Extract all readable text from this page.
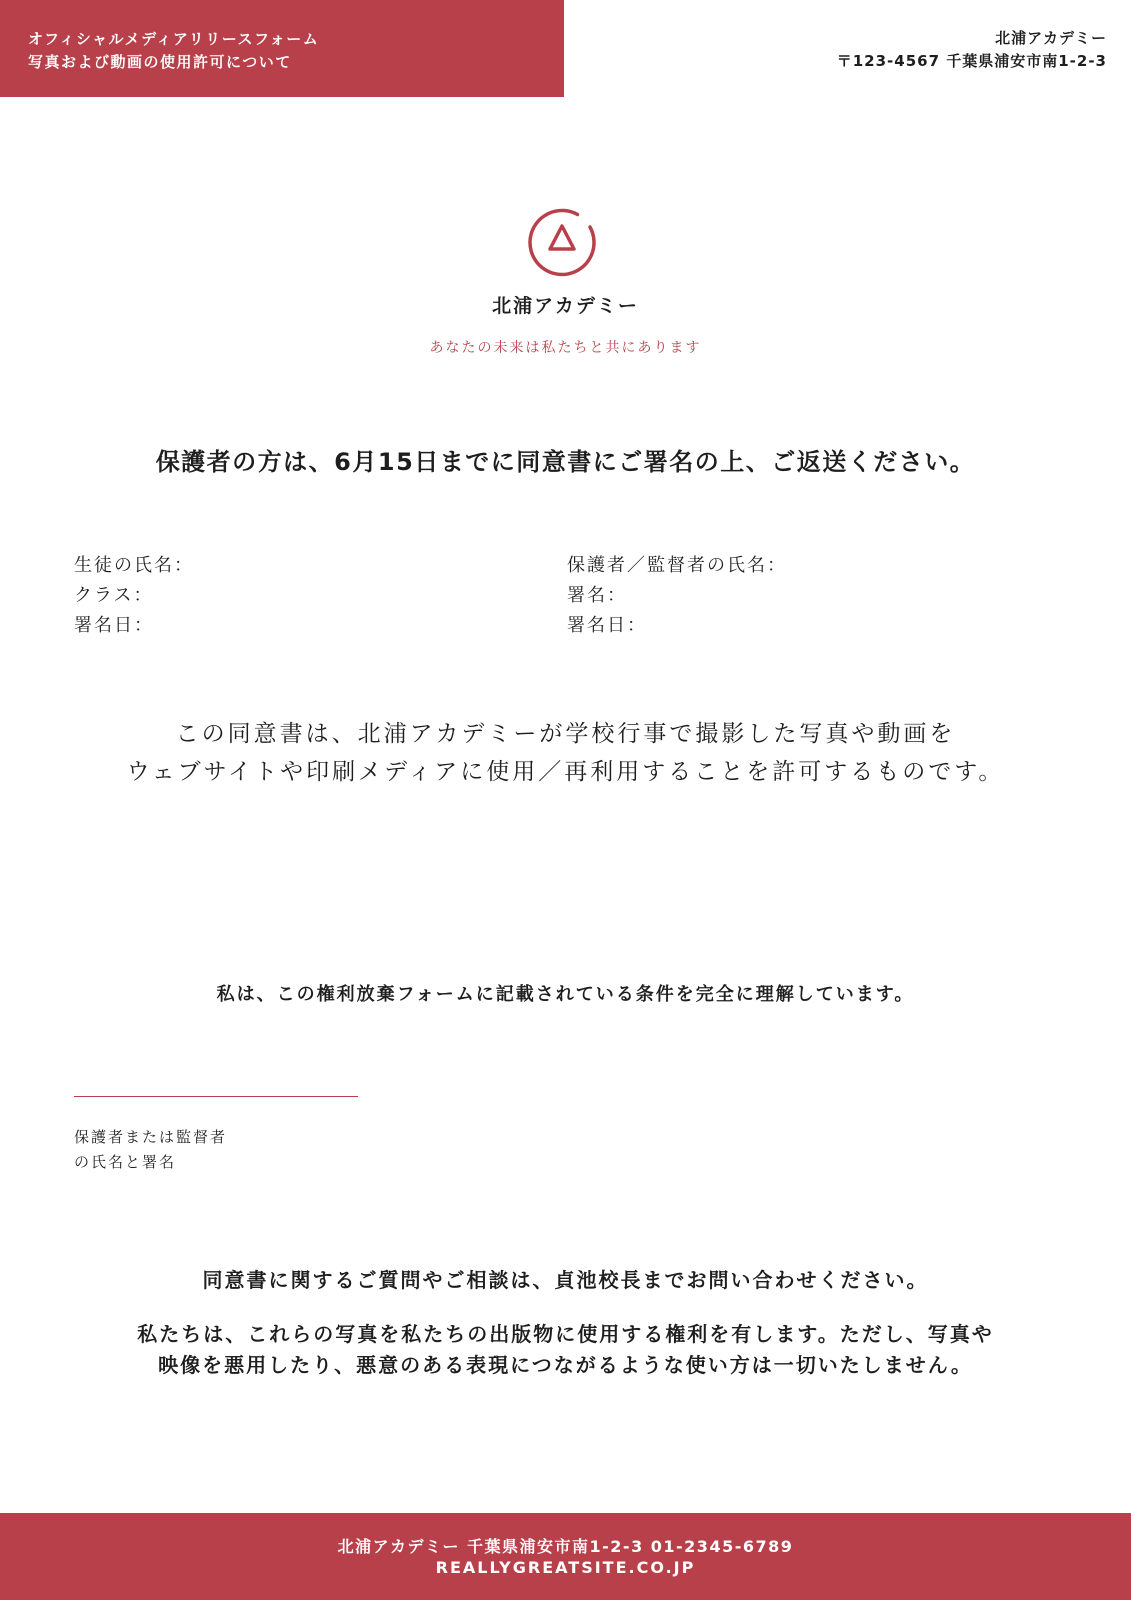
オフィシャルメディアリリースフォーム
写真および動画の使用許可について
北浦アカデミー
〒123-4567 千葉県浦安市南1-2-3
北浦アカデミー
あなたの未来は私たちと共にあります
保護者の方は、6月15日までに同意書にご署名の上、ご返送ください。
生徒の氏名：
クラス：
署名日：
保護者／監督者の氏名：
署名：
署名日：
この同意書は、北浦アカデミーが学校行事で撮影した写真や動画を
ウェブサイトや印刷メディアに使用／再利用することを許可するものです。
私は、この権利放棄フォームに記載されている条件を完全に理解しています。
保護者または監督者
の氏名と署名
同意書に関するご質問やご相談は、貞池校長までお問い合わせください。
私たちは、これらの写真を私たちの出版物に使用する権利を有します。ただし、写真や
映像を悪用したり、悪意のある表現につながるような使い方は一切いたしません。
北浦アカデミー 千葉県浦安市南1-2-3 01-2345-6789
REALLYGREATSITE.CO.JP
